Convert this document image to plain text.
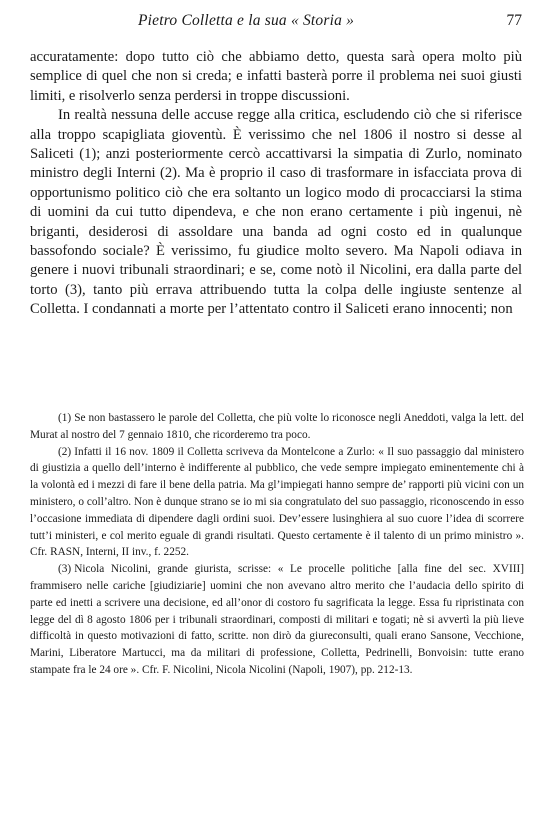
Pietro Colletta e la sua « Storia »	77

accuratamente: dopo tutto ciò che abbiamo detto, questa sarà opera molto più semplice di quel che non si creda; e infatti basterà porre il problema nei suoi giusti limiti, e risolverlo senza perdersi in troppe discussioni.

In realtà nessuna delle accuse regge alla critica, escludendo ciò che si riferisce alla troppo scapigliata gioventù. È verissimo che nel 1806 il nostro si desse al Saliceti (1); anzi posteriormente cercò accattivarsi la simpatia di Zurlo, nominato ministro degli Interni (2). Ma è proprio il caso di trasformare in isfacciata prova di opportunismo politico ciò che era soltanto un logico modo di procacciarsi la stima di uomini da cui tutto dipendeva, e che non erano certamente i più ingenui, nè briganti, desiderosi di assoldare una banda ad ogni costo ed in qualunque bassofondo sociale? È verissimo, fu giudice molto severo. Ma Napoli odiava in genere i nuovi tribunali straordinari; e se, come notò il Nicolini, era dalla parte del torto (3), tanto più errava attribuendo tutta la colpa delle ingiuste sentenze al Colletta. I condannati a morte per l’attentato contro il Saliceti erano innocenti; non

(1) Se non bastassero le parole del Colletta, che più volte lo riconosce negli Aneddoti, valga la lett. del Murat al nostro del 7 gennaio 1810, che ricorderemo tra poco.

(2) Infatti il 16 nov. 1809 il Colletta scriveva da Montelcone a Zurlo: « Il suo passaggio dal ministero di giustizia a quello dell’interno è indifferente al pubblico, che vede sempre impiegato eminentemente chi à la volontà ed i mezzi di fare il bene della patria. Ma gl’impiegati hanno sempre de’ rapporti più vicini con un ministero, o coll’altro. Non è dunque strano se io mi sia congratulato del suo passaggio, riconoscendo in esso l’occasione immediata di dipendere dagli ordini suoi. Dev’essere lusinghiera al suo cuore l’idea di scorrere tutt’i ministeri, e col merito eguale di grandi risultati. Questo certamente è il talento di un primo ministro ». Cfr. RASN, Interni, II inv., f. 2252.

(3) Nicola Nicolini, grande giurista, scrisse: « Le procelle politiche [alla fine del sec. XVIII] frammisero nelle cariche [giudiziarie] uomini che non avevano altro merito che l’audacia dello spirito di parte ed inetti a scrivere una decisione, ed all’onor di costoro fu sagrificata la legge. Essa fu ripristinata con legge del dì 8 agosto 1806 per i tribunali straordinari, composti di militari e togati; nè si avvertì la più lieve difficoltà in questo motivazioni di fatto, scritte. non dirò da giureconsulti, quali erano Sansone, Vecchione, Marini, Liberatore Martucci, ma da militari di professione, Colletta, Pedrinelli, Bonvoisin: tutte erano stampate fra le 24 ore ». Cfr. F. Nicolini, Nicola Nicolini (Napoli, 1907), pp. 212-13.
